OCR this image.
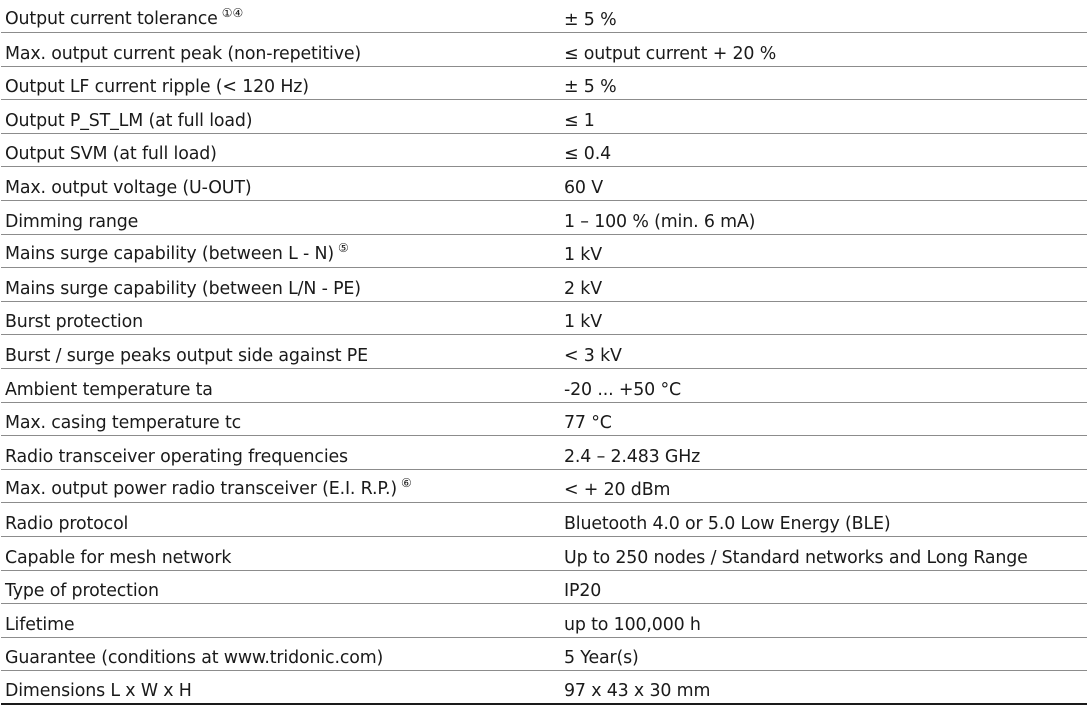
Output current tolerance ①④	± 5 %
Max. output current peak (non-repetitive)	≤ output current + 20 %
Output LF current ripple (< 120 Hz)	± 5 %
Output P_ST_LM (at full load)	≤ 1
Output SVM (at full load)	≤ 0.4
Max. output voltage (U-OUT)	60 V
Dimming range	1 – 100 % (min. 6 mA)
Mains surge capability (between L - N) ⑤	1 kV
Mains surge capability (between L/N - PE)	2 kV
Burst protection	1 kV
Burst / surge peaks output side against PE	< 3 kV
Ambient temperature ta	-20 ... +50 °C
Max. casing temperature tc	77 °C
Radio transceiver operating frequencies	2.4 – 2.483 GHz
Max. output power radio transceiver (E.I. R.P.) ⑥	< + 20 dBm
Radio protocol	Bluetooth 4.0 or 5.0 Low Energy (BLE)
Capable for mesh network	Up to 250 nodes / Standard networks and Long Range
Type of protection	IP20
Lifetime	up to 100,000 h
Guarantee (conditions at www.tridonic.com)	5 Year(s)
Dimensions L x W x H	97 x 43 x 30 mm
